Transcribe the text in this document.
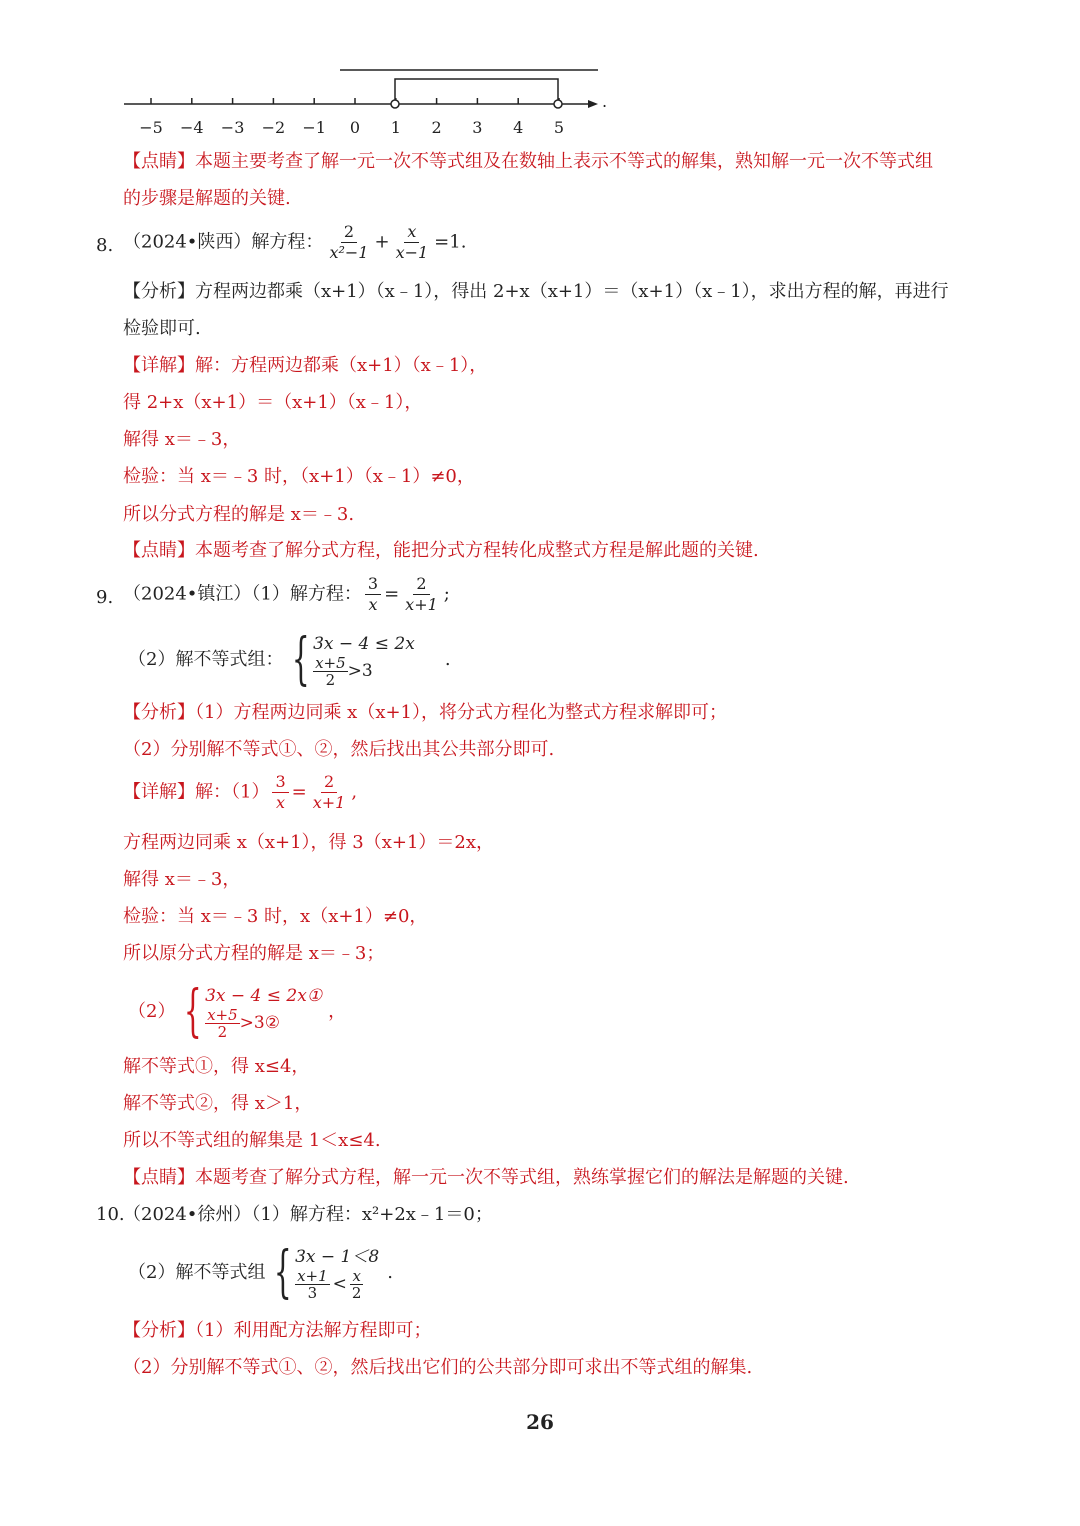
−5 −4 −3 −2 −1 0 1 2 3 4 5
.
【点睛】本题主要考查了解一元一次不等式组及在数轴上表示不等式的解集，熟知解一元一次不等式组
的步骤是解题的关键.
8. （2024•陕西）解方程： $\frac{2}{\text{x²−1}} + \frac{x}{x-1} =1$.
【分析】方程两边都乘（x+1）（x﹣1），得出 2+x（x+1）＝（x+1）（x﹣1），求出方程的解，再进行
检验即可.
【详解】解：方程两边都乘（x+1）（x﹣1），
得 2+x（x+1）＝（x+1）（x﹣1），
解得 x＝﹣3，
检验：当 x＝﹣3 时，（x+1）（x﹣1）≠0，
所以分式方程的解是 x＝﹣3.
【点睛】本题考查了解分式方程，能把分式方程转化成整式方程是解此题的关键.
9. （2024•镇江）（1）解方程： $\frac{3}{x} = \frac{2}{x+1}$ ;
（2）解不等式组： { 3x − 4 ≤ 2x
$\frac{x+5}{2} >3$
.
【分析】（1）方程两边同乘 x（x+1），将分式方程化为整式方程求解即可；
（2）分别解不等式①、②，然后找出其公共部分即可.
【详解】解：$(1) \frac{3}{x} = \frac{2}{x+1}$ ,
方程两边同乘 x（x+1），得 3（x+1）＝2x，
解得 x＝﹣3，
检验：当 x＝﹣3 时，x（x+1）≠0，
所以原分式方程的解是 x＝﹣3；
（2） { 3x − 4 ≤ 2x①
$\frac{x+5}{2}$ >3②
，
解不等式①，得 x≤4，
解不等式②，得 x＞1，
所以不等式组的解集是 1＜x≤4.
【点睛】本题考查了解分式方程，解一元一次不等式组，熟练掌握它们的解法是解题的关键.
10.
（2024•徐州）（1）解方程：x²+2x﹣1＝0；
（2）解不等式组 { 3x − 1＜8
$\frac{x+1}{3} < \frac{x}{2}$ .
【分析】（1）利用配方法解方程即可；
（2）分别解不等式①、②，然后找出它们的公共部分即可求出不等式组的解集.
26
